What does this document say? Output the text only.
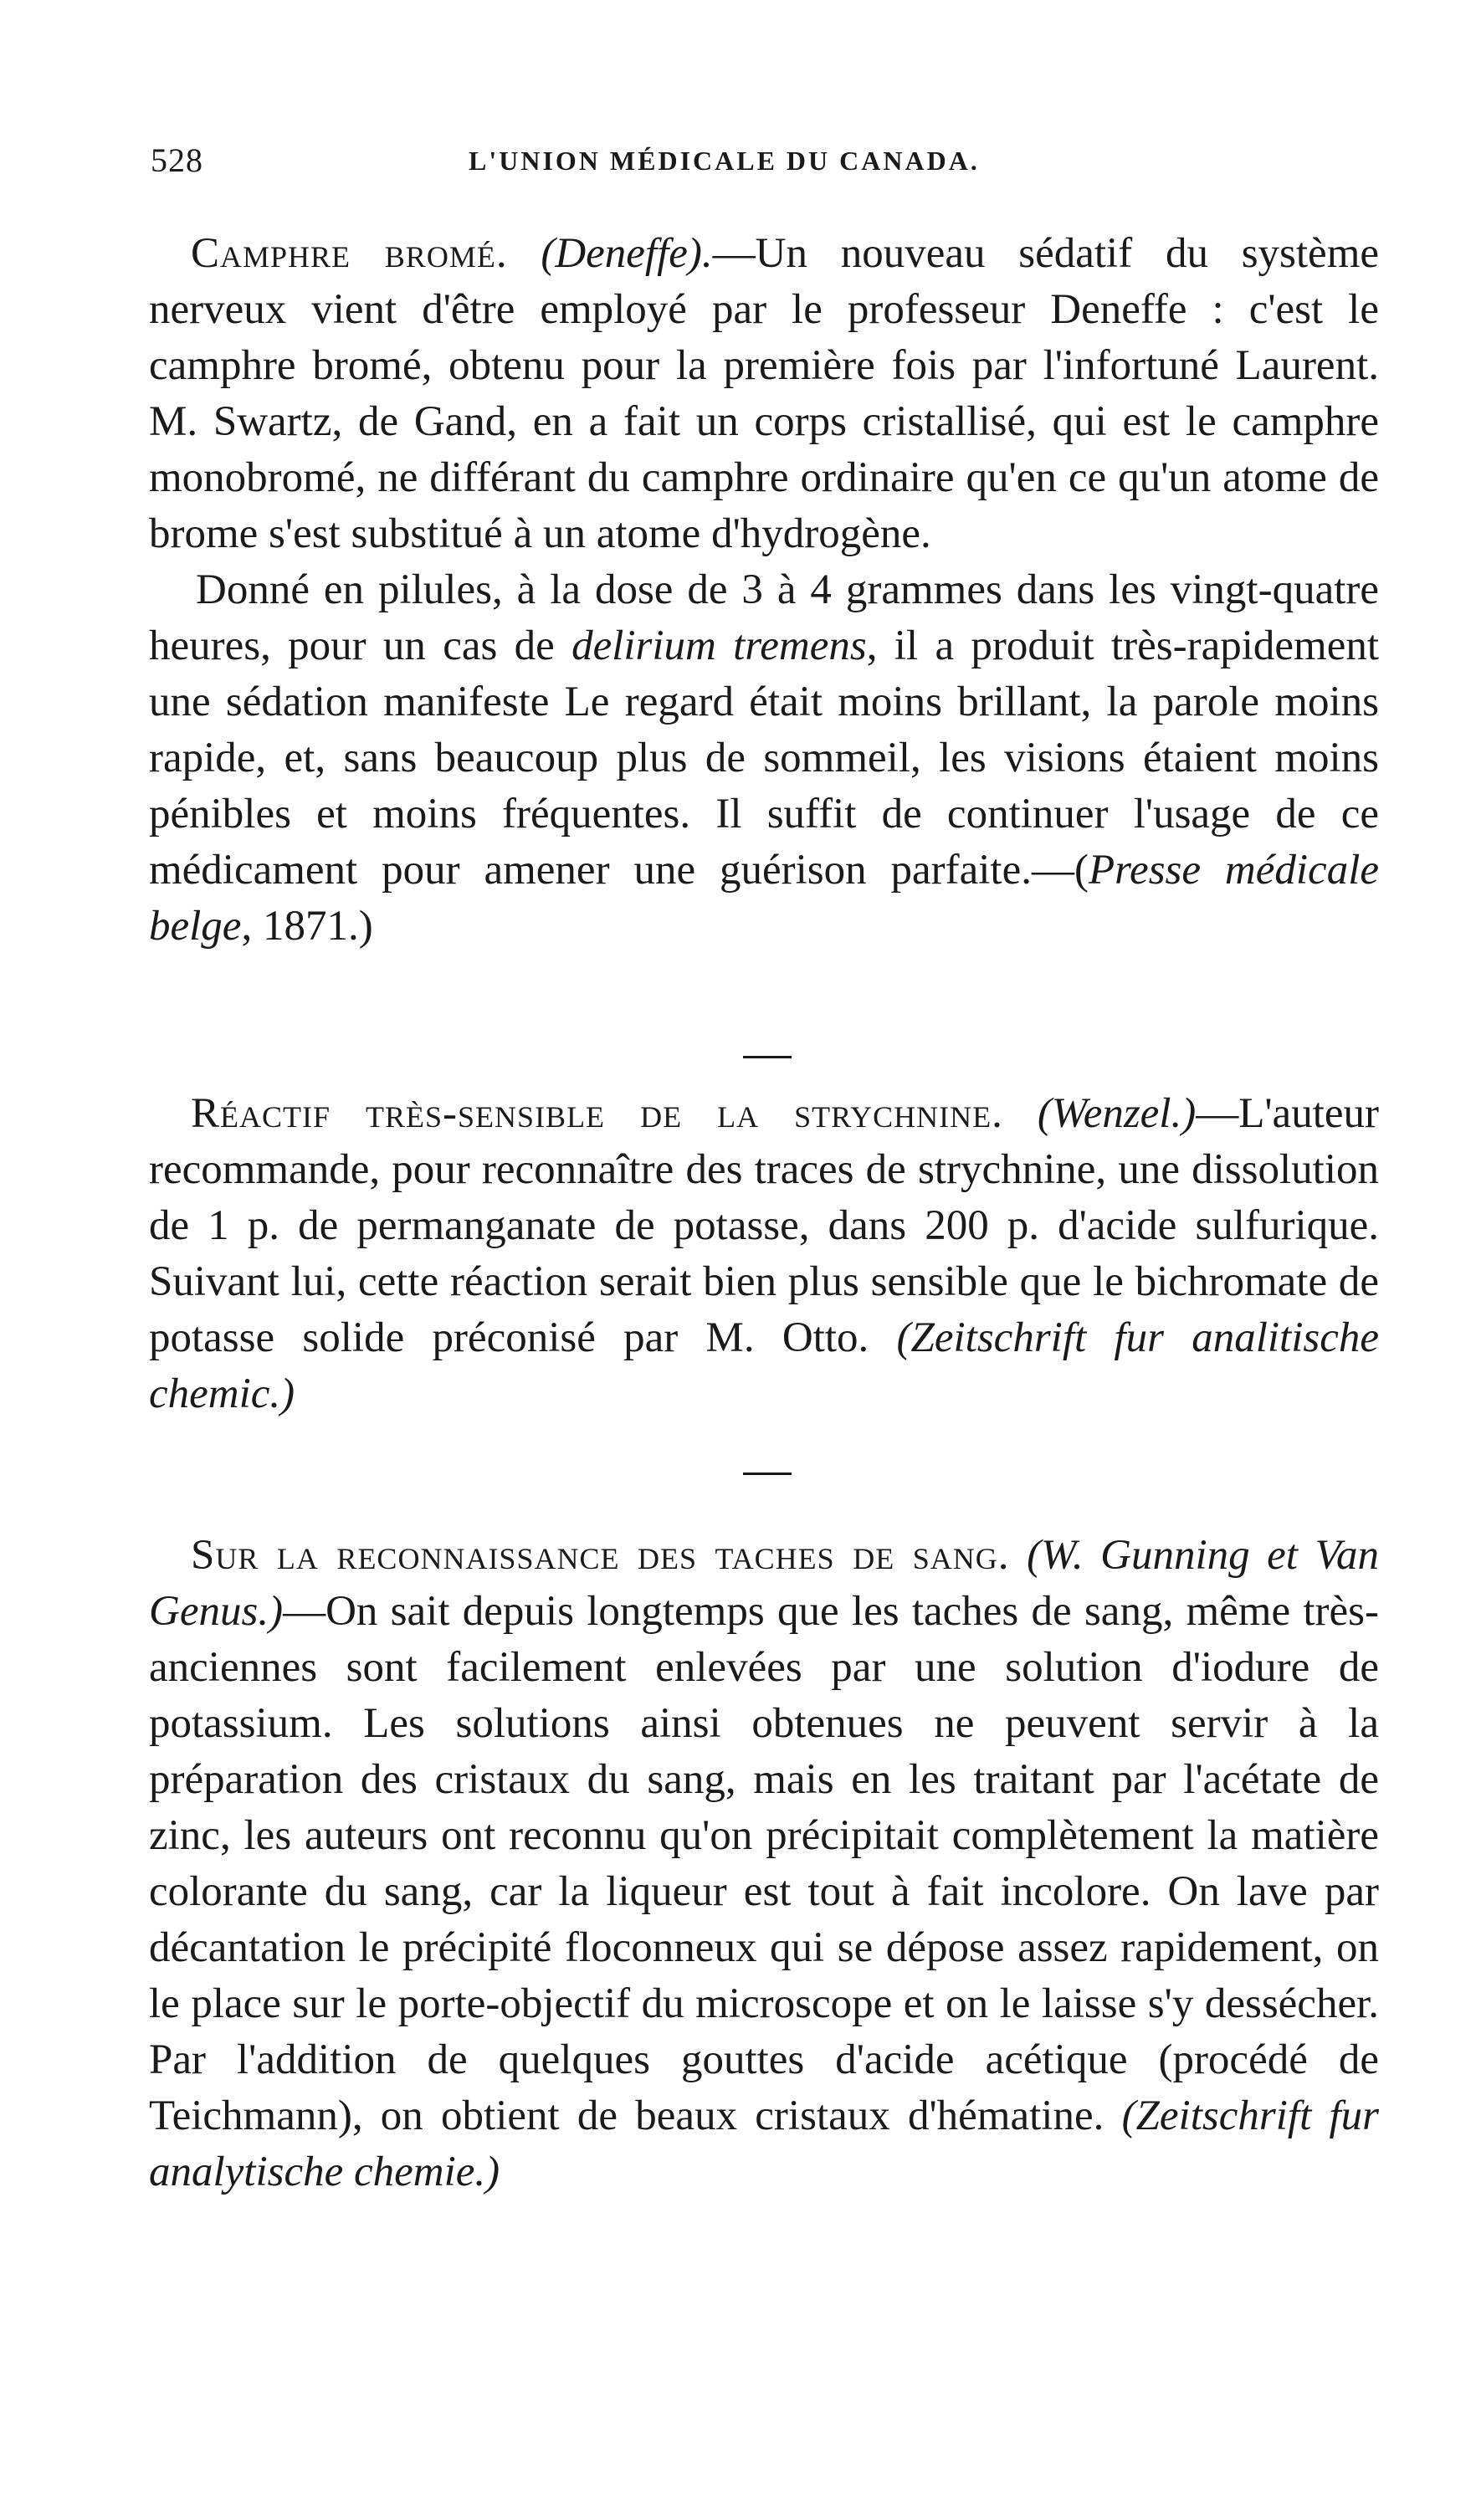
528	L'UNION MÉDICALE DU CANADA.

Camphre bromé. (Deneffe).—Un nouveau sédatif du système nerveux vient d'être employé par le professeur Deneffe : c'est le camphre bromé, obtenu pour la première fois par l'infortuné Laurent. M. Swartz, de Gand, en a fait un corps cristallisé, qui est le camphre monobromé, ne différant du camphre ordinaire qu'en ce qu'un atome de brome s'est substitué à un atome d'hydrogène.

Donné en pilules, à la dose de 3 à 4 grammes dans les vingt-quatre heures, pour un cas de delirium tremens, il a produit très-rapidement une sédation manifeste Le regard était moins brillant, la parole moins rapide, et, sans beaucoup plus de sommeil, les visions étaient moins pénibles et moins fréquentes. Il suffit de continuer l'usage de ce médicament pour amener une guérison parfaite.—(Presse médicale belge, 1871.)

Réactif très-sensible de la strychnine. (Wenzel.)—L'auteur recommande, pour reconnaître des traces de strychnine, une dissolution de 1 p. de permanganate de potasse, dans 200 p. d'acide sulfurique. Suivant lui, cette réaction serait bien plus sensible que le bichromate de potasse solide préconisé par M. Otto. (Zeitschrift fur analitische chemic.)

Sur la reconnaissance des taches de sang. (W. Gunning et Van Genus.)—On sait depuis longtemps que les taches de sang, même très-anciennes sont facilement enlevées par une solution d'iodure de potassium. Les solutions ainsi obtenues ne peuvent servir à la préparation des cristaux du sang, mais en les traitant par l'acétate de zinc, les auteurs ont reconnu qu'on précipitait complètement la matière colorante du sang, car la liqueur est tout à fait incolore. On lave par décantation le précipité floconneux qui se dépose assez rapidement, on le place sur le porte-objectif du microscope et on le laisse s'y dessécher. Par l'addition de quelques gouttes d'acide acétique (procédé de Teichmann), on obtient de beaux cristaux d'hématine. (Zeitschrift fur analytische chemie.)
